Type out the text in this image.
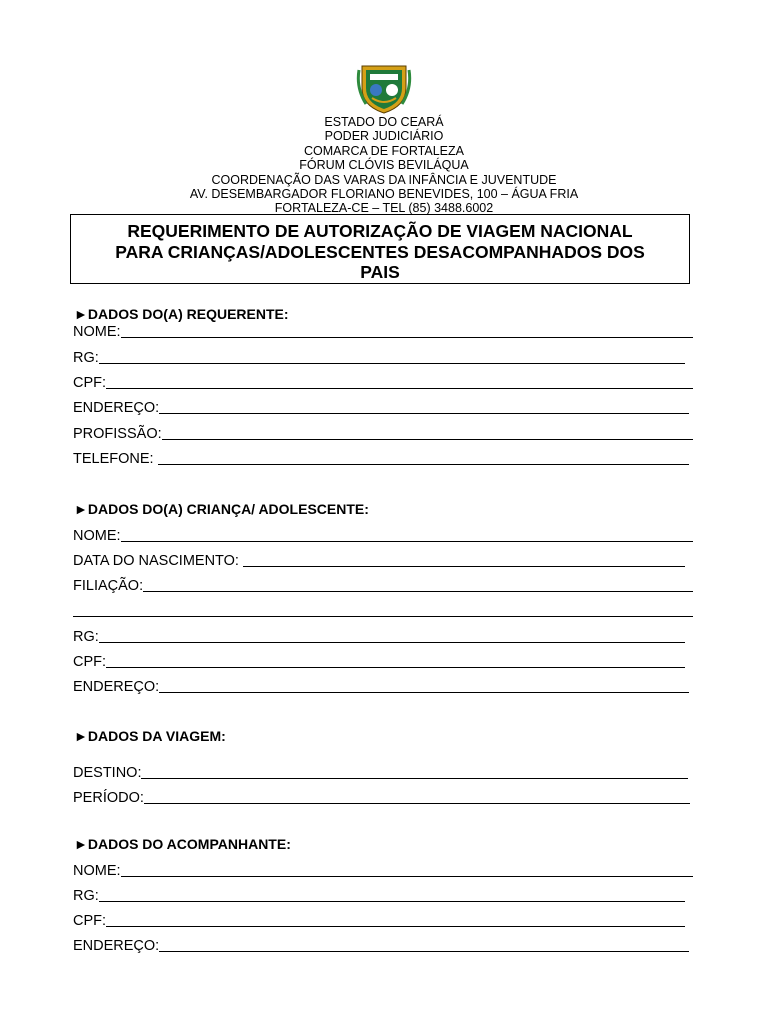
ESTADO DO CEARÁ
PODER JUDICIÁRIO
COMARCA DE FORTALEZA
FÓRUM CLÓVIS BEVILÁQUA
COORDENAÇÃO DAS VARAS DA INFÂNCIA E JUVENTUDE
AV. DESEMBARGADOR FLORIANO BENEVIDES, 100 – ÁGUA FRIA
FORTALEZA-CE – TEL (85) 3488.6002
REQUERIMENTO DE AUTORIZAÇÃO DE VIAGEM NACIONAL
PARA CRIANÇAS/ADOLESCENTES DESACOMPANHADOS DOS
PAIS
►DADOS DO(A) REQUERENTE:
NOME:
RG:
CPF:
ENDEREÇO:
PROFISSÃO:
TELEFONE:
►DADOS DO(A) CRIANÇA/ ADOLESCENTE:
NOME:
DATA DO NASCIMENTO:
FILIAÇÃO:
RG:
CPF:
ENDEREÇO:
►DADOS DA VIAGEM:
DESTINO:
PERÍODO:
►DADOS DO ACOMPANHANTE:
NOME:
RG:
CPF:
ENDEREÇO:
